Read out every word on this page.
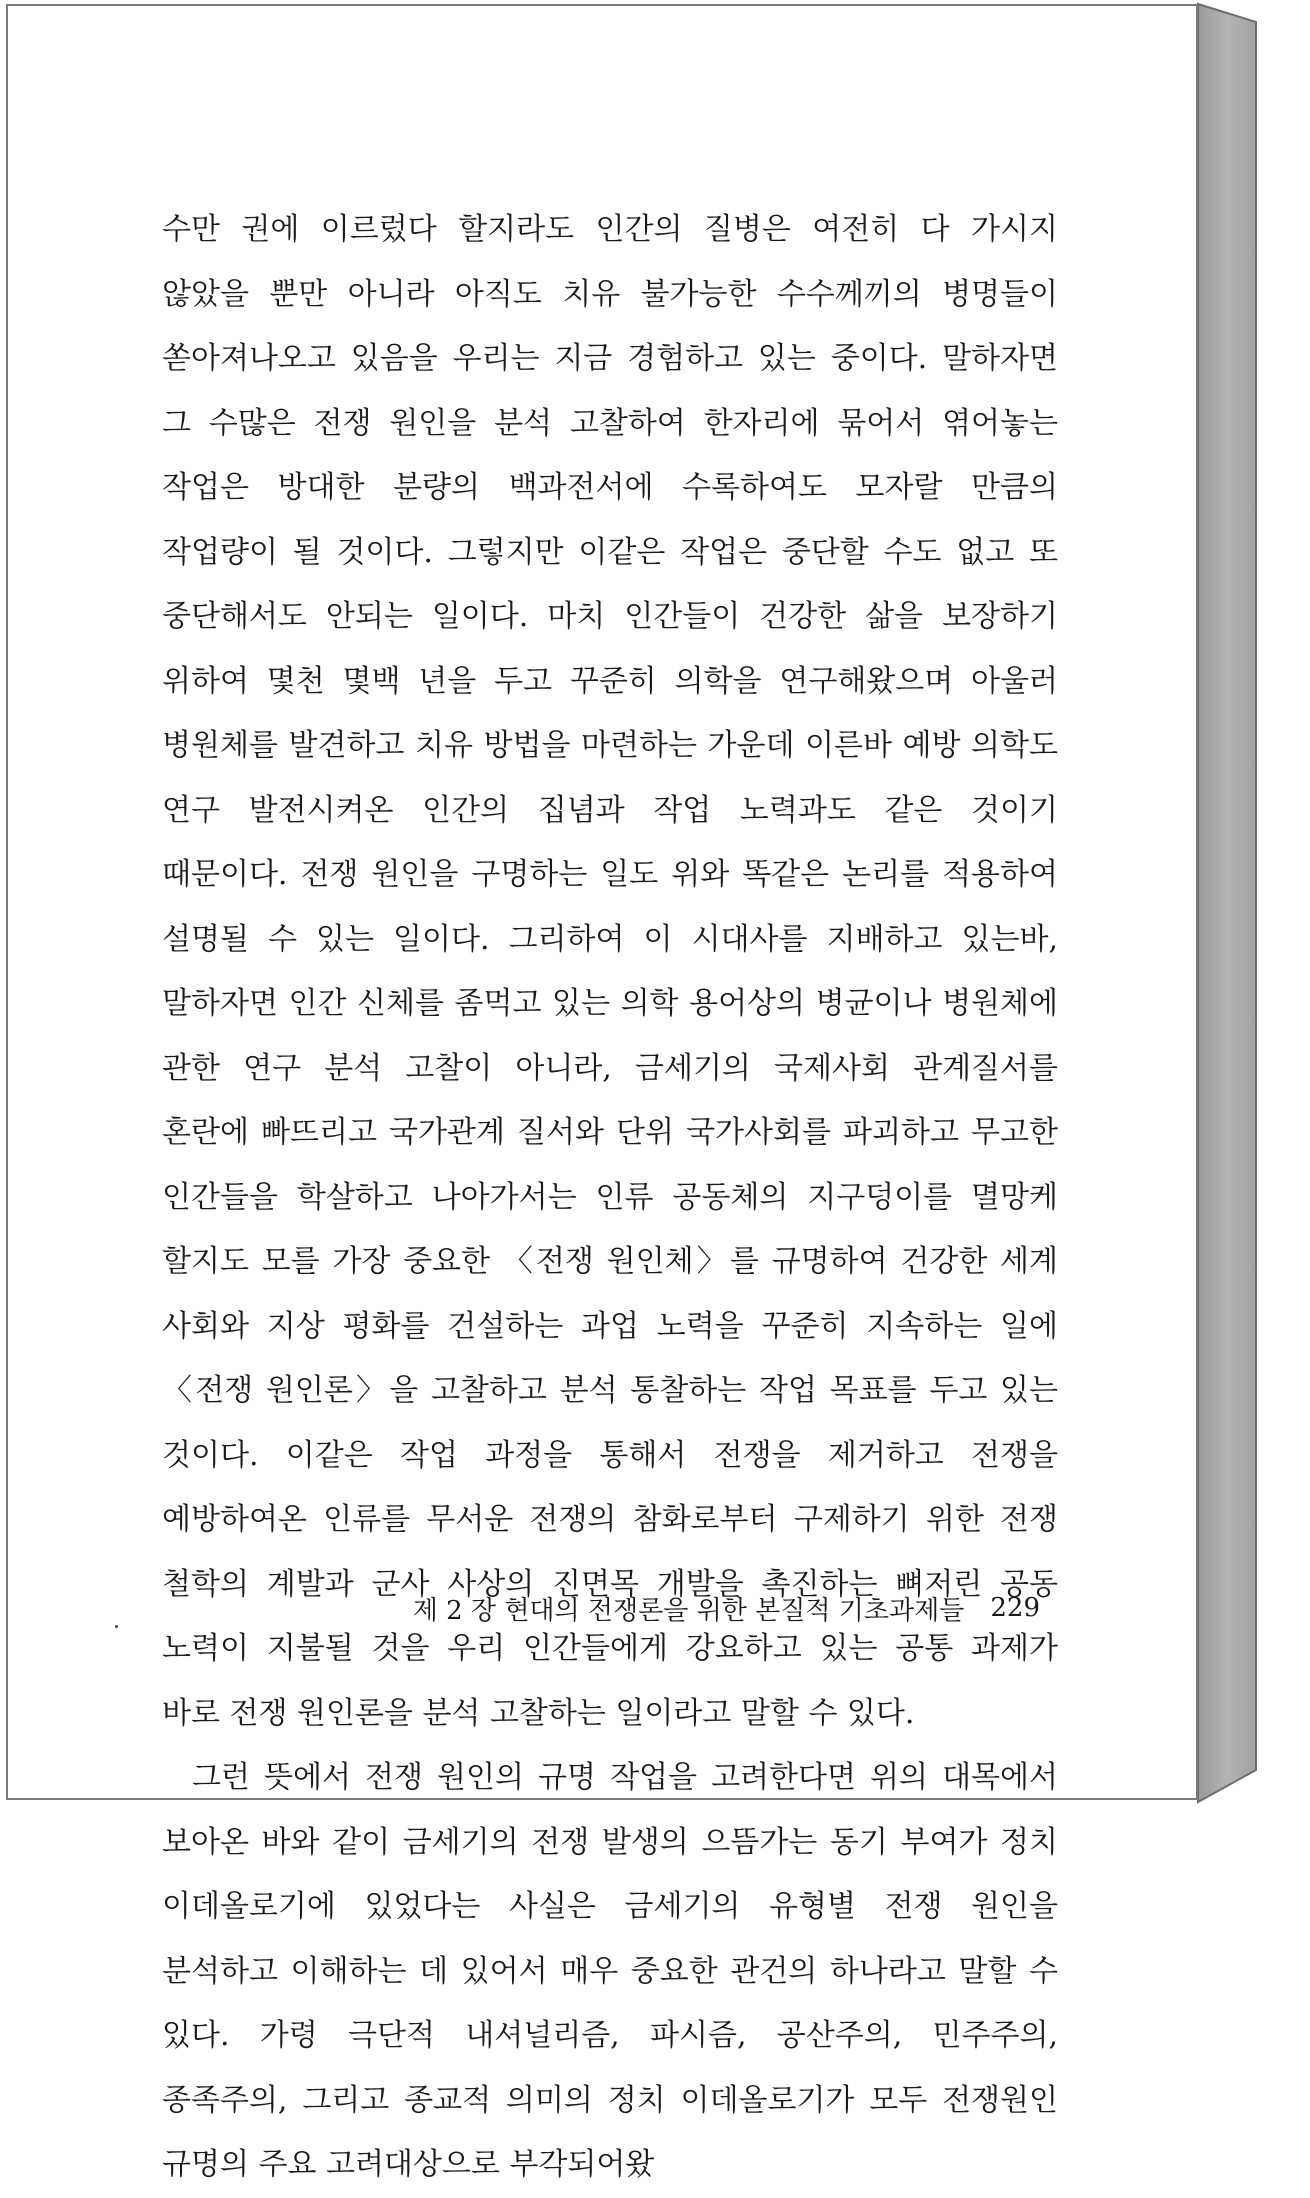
수만 권에 이르렀다 할지라도 인간의 질병은 여전히 다 가시지 않았을 뿐만 아니라 아직도 치유 불가능한 수수께끼의 병명들이 쏟아져나오고 있음을 우리는 지금 경험하고 있는 중이다. 말하자면 그 수많은 전쟁 원인을 분석 고찰하여 한자리에 묶어서 엮어놓는 작업은 방대한 분량의 백과전서에 수록하여도 모자랄 만큼의 작업량이 될 것이다. 그렇지만 이같은 작업은 중단할 수도 없고 또 중단해서도 안되는 일이다. 마치 인간들이 건강한 삶을 보장하기 위하여 몇천 몇백 년을 두고 꾸준히 의학을 연구해왔으며 아울러 병원체를 발견하고 치유 방법을 마련하는 가운데 이른바 예방 의학도 연구 발전시켜온 인간의 집념과 작업 노력과도 같은 것이기 때문이다. 전쟁 원인을 구명하는 일도 위와 똑같은 논리를 적용하여 설명될 수 있는 일이다. 그리하여 이 시대사를 지배하고 있는바, 말하자면 인간 신체를 좀먹고 있는 의학 용어상의 병균이나 병원체에 관한 연구 분석 고찰이 아니라, 금세기의 국제사회 관계질서를 혼란에 빠뜨리고 국가관계 질서와 단위 국가사회를 파괴하고 무고한 인간들을 학살하고 나아가서는 인류 공동체의 지구덩이를 멸망케 할지도 모를 가장 중요한 〈전쟁 원인체〉를 규명하여 건강한 세계 사회와 지상 평화를 건설하는 과업 노력을 꾸준히 지속하는 일에 〈전쟁 원인론〉을 고찰하고 분석 통찰하는 작업 목표를 두고 있는 것이다. 이같은 작업 과정을 통해서 전쟁을 제거하고 전쟁을 예방하여온 인류를 무서운 전쟁의 참화로부터 구제하기 위한 전쟁 철학의 계발과 군사 사상의 진면목 개발을 촉진하는 뼈저린 공동 노력이 지불될 것을 우리 인간들에게 강요하고 있는 공통 과제가 바로 전쟁 원인론을 분석 고찰하는 일이라고 말할 수 있다.

그런 뜻에서 전쟁 원인의 규명 작업을 고려한다면 위의 대목에서 보아온 바와 같이 금세기의 전쟁 발생의 으뜸가는 동기 부여가 정치 이데올로기에 있었다는 사실은 금세기의 유형별 전쟁 원인을 분석하고 이해하는 데 있어서 매우 중요한 관건의 하나라고 말할 수 있다. 가령 극단적 내셔널리즘, 파시즘, 공산주의, 민주주의, 종족주의, 그리고 종교적 의미의 정치 이데올로기가 모두 전쟁원인 규명의 주요 고려대상으로 부각되어왔

제 2 장 현대의 전쟁론을 위한 본질적 기초과제들 229
